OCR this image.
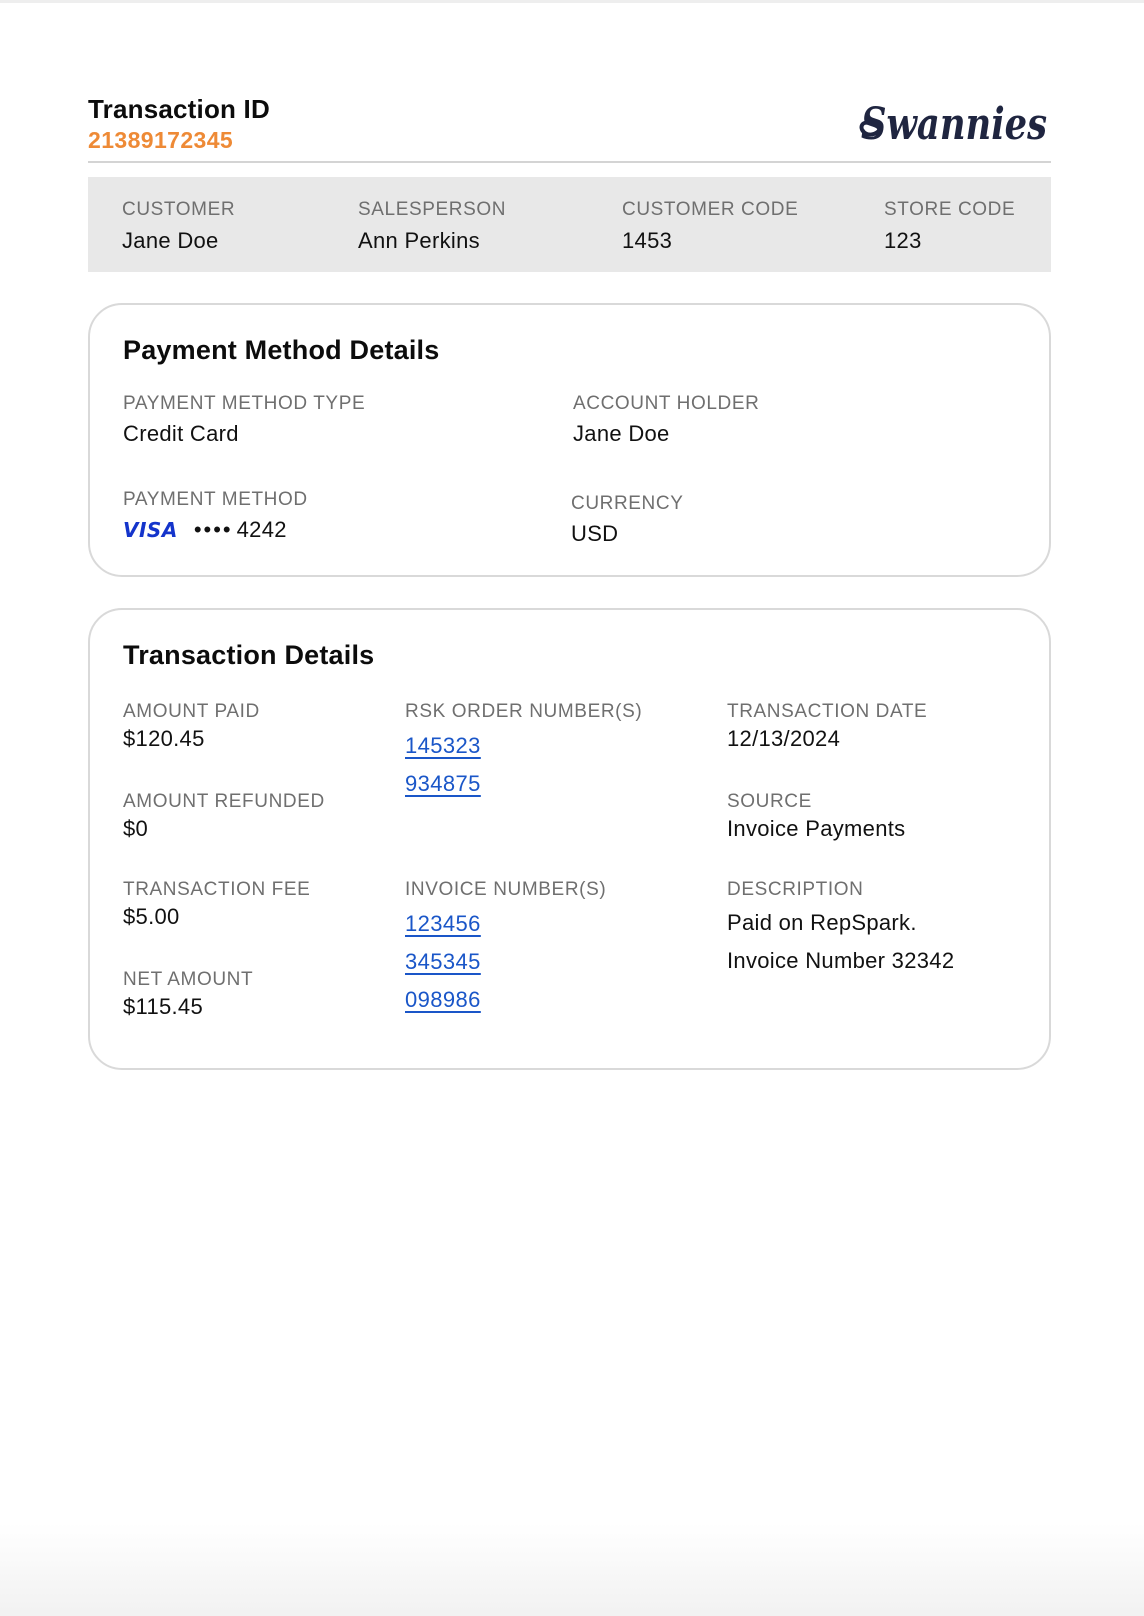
Transaction ID
21389172345	Swannies
CUSTOMER
Jane Doe
SALESPERSON
Ann Perkins
CUSTOMER CODE
1453
STORE CODE
123
Payment Method Details
PAYMENT METHOD TYPE
Credit Card
ACCOUNT HOLDER
Jane Doe
PAYMENT METHOD
VISA •••• 4242
CURRENCY
USD
Transaction Details
AMOUNT PAID
$120.45
AMOUNT REFUNDED
$0
TRANSACTION FEE
$5.00
NET AMOUNT
$115.45
RSK ORDER NUMBER(S)
145323
934875
INVOICE NUMBER(S)
123456
345345
098986
TRANSACTION DATE
12/13/2024
SOURCE
Invoice Payments
DESCRIPTION
Paid on RepSpark.
Invoice Number 32342
